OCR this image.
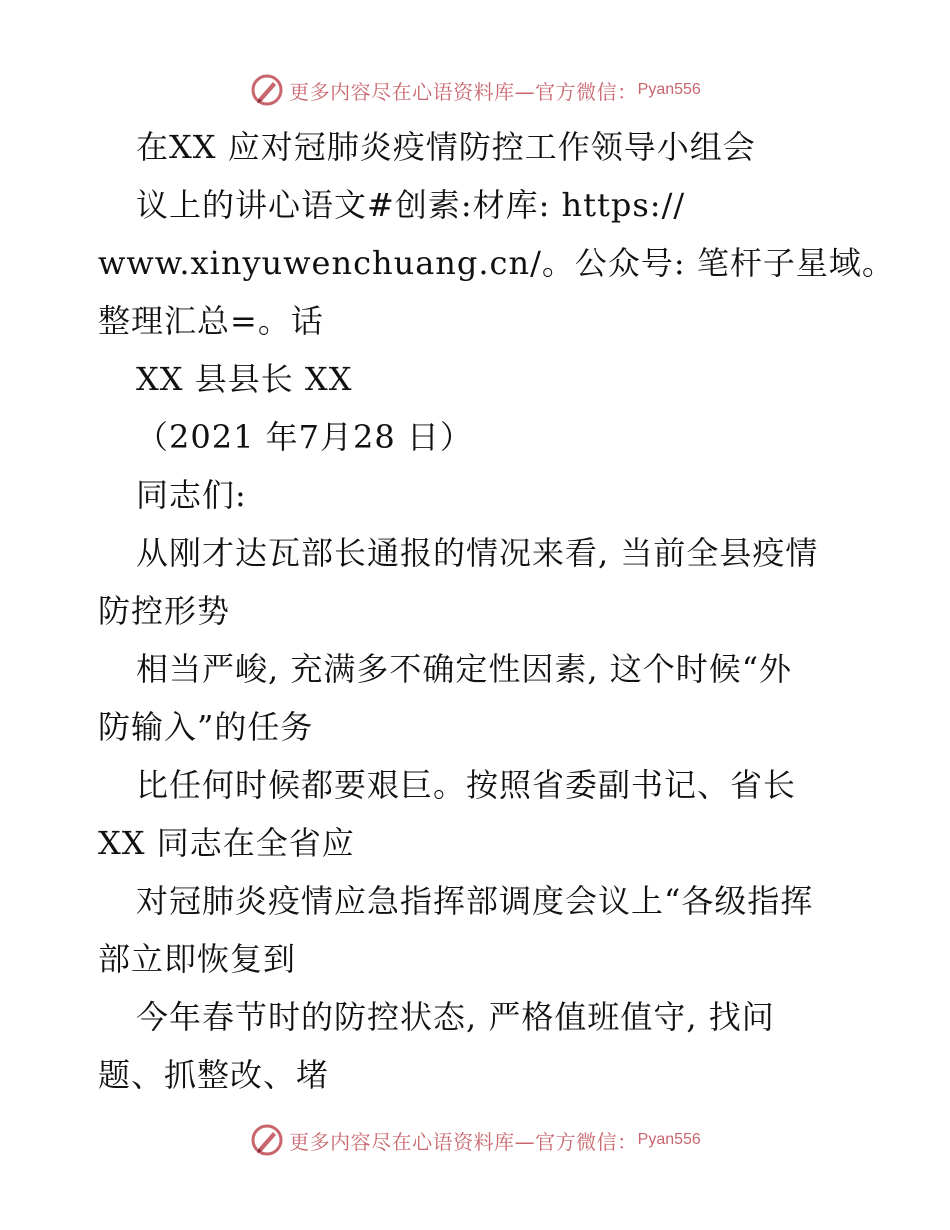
更多内容尽在心语资料库—官方微信： Pyan556
在XX 应对冠肺炎疫情防控工作领导小组会
议上的讲心语文#创素:材库: https://
www.xinyuwenchuang.cn/。公众号: 笔杆子星域。
整理汇总=。话
XX 县县长 XX
（2021 年7月28 日）
同志们:
从刚才达瓦部长通报的情况来看, 当前全县疫情
防控形势
相当严峻, 充满多不确定性因素, 这个时候“外
防输入”的任务
比任何时候都要艰巨。按照省委副书记、省长
XX 同志在全省应
对冠肺炎疫情应急指挥部调度会议上“各级指挥
部立即恢复到
今年春节时的防控状态, 严格值班值守, 找问
题、抓整改、堵
更多内容尽在心语资料库—官方微信： Pyan556
